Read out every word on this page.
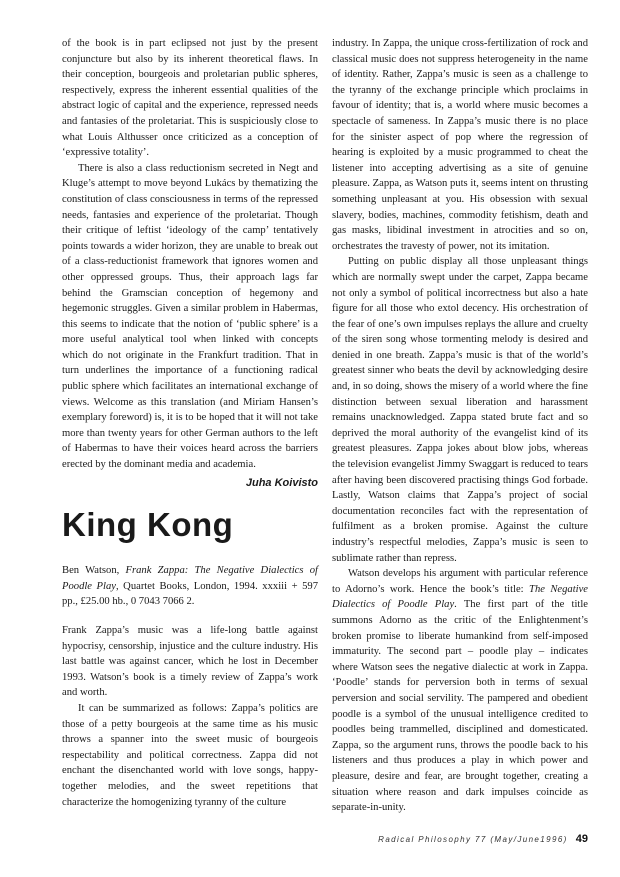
of the book is in part eclipsed not just by the present conjuncture but also by its inherent theoretical flaws. In their conception, bourgeois and proletarian public spheres, respectively, express the inherent essential qualities of the abstract logic of capital and the experience, repressed needs and fantasies of the proletariat. This is suspiciously close to what Louis Althusser once criticized as a conception of ‘expressive totality’.

There is also a class reductionism secreted in Negt and Kluge’s attempt to move beyond Lukács by thematizing the constitution of class consciousness in terms of the repressed needs, fantasies and experience of the proletariat. Though their critique of leftist ‘ideology of the camp’ tentatively points towards a wider horizon, they are unable to break out of a class-reductionist framework that ignores women and other oppressed groups. Thus, their approach lags far behind the Gramscian conception of hegemony and hegemonic struggles. Given a similar problem in Habermas, this seems to indicate that the notion of ‘public sphere’ is a more useful analytical tool when linked with concepts which do not originate in the Frankfurt tradition. That in turn underlines the importance of a functioning radical public sphere which facilitates an international exchange of views. Welcome as this translation (and Miriam Hansen’s exemplary foreword) is, it is to be hoped that it will not take more than twenty years for other German authors to the left of Habermas to have their voices heard across the barriers erected by the dominant media and academia.

Juha Koivisto
King Kong

Ben Watson, Frank Zappa: The Negative Dialectics of Poodle Play, Quartet Books, London, 1994. xxxiii + 597 pp., £25.00 hb., 0 7043 7066 2.

Frank Zappa’s music was a life-long battle against hypocrisy, censorship, injustice and the culture industry. His last battle was against cancer, which he lost in December 1993. Watson’s book is a timely review of Zappa’s work and worth.

It can be summarized as follows: Zappa’s politics are those of a petty bourgeois at the same time as his music throws a spanner into the sweet music of bourgeois respectability and political correctness. Zappa did not enchant the disenchanted world with love songs, happy-together melodies, and the sweet repetitions that characterize the homogenizing tyranny of the culture

industry. In Zappa, the unique cross-fertilization of rock and classical music does not suppress heterogeneity in the name of identity. Rather, Zappa’s music is seen as a challenge to the tyranny of the exchange principle which proclaims in favour of identity; that is, a world where music becomes a spectacle of sameness. In Zappa’s music there is no place for the sinister aspect of pop where the regression of hearing is exploited by a music programmed to cheat the listener into accepting advertising as a site of genuine pleasure. Zappa, as Watson puts it, seems intent on thrusting something unpleasant at you. His obsession with sexual slavery, bodies, machines, commodity fetishism, death and gas masks, libidinal investment in atrocities and so on, orchestrates the travesty of power, not its imitation.

Putting on public display all those unpleasant things which are normally swept under the carpet, Zappa became not only a symbol of political incorrectness but also a hate figure for all those who extol decency. His orchestration of the fear of one’s own impulses replays the allure and cruelty of the siren song whose tormenting melody is desired and denied in one breath. Zappa’s music is that of the world’s greatest sinner who beats the devil by acknowledging desire and, in so doing, shows the misery of a world where the fine distinction between sexual liberation and harassment remains unacknowledged. Zappa stated brute fact and so deprived the moral authority of the evangelist kind of its greatest pleasures. Zappa jokes about blow jobs, whereas the television evangelist Jimmy Swaggart is reduced to tears after having been discovered practising things God forbade. Lastly, Watson claims that Zappa’s project of social documentation reconciles fact with the representation of fulfilment as a broken promise. Against the culture industry’s respectful melodies, Zappa’s music is seen to sublimate rather than repress.

Watson develops his argument with particular reference to Adorno’s work. Hence the book’s title: The Negative Dialectics of Poodle Play. The first part of the title summons Adorno as the critic of the Enlightenment’s broken promise to liberate humankind from self-imposed immaturity. The second part – poodle play – indicates where Watson sees the negative dialectic at work in Zappa. ‘Poodle’ stands for perversion both in terms of sexual perversion and social servility. The pampered and obedient poodle is a symbol of the unusual intelligence credited to poodles being trammelled, disciplined and domesticated. Zappa, so the argument runs, throws the poodle back to his listeners and thus produces a play in which power and pleasure, desire and fear, are brought together, creating a situation where reason and dark impulses coincide as separate-in-unity.

Radical Philosophy 77 (May/June1996) 49
